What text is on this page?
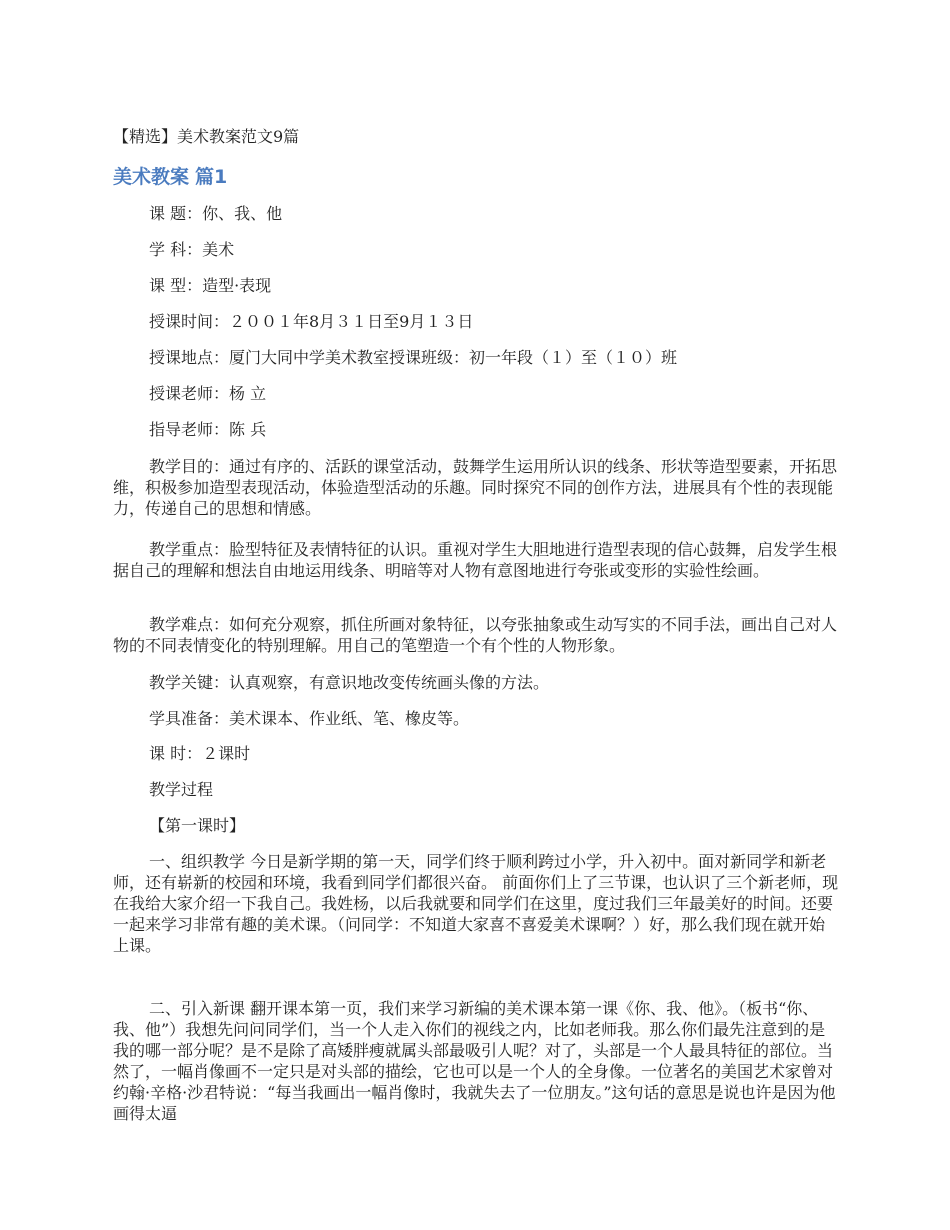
【精选】美术教案范文9篇
美术教案 篇1
课 题：你、我、他
学 科：美术
课 型：造型·表现
授课时间：２００１年8月３１日至9月１３日
授课地点：厦门大同中学美术教室授课班级：初一年段（１）至（１０）班
授课老师：杨 立
指导老师：陈 兵
教学目的：通过有序的、活跃的课堂活动，鼓舞学生运用所认识的线条、形状等造型要素，开拓思维，积极参加造型表现活动，体验造型活动的乐趣。同时探究不同的创作方法，进展具有个性的表现能力，传递自己的思想和情感。
教学重点：脸型特征及表情特征的认识。重视对学生大胆地进行造型表现的信心鼓舞，启发学生根据自己的理解和想法自由地运用线条、明暗等对人物有意图地进行夸张或变形的实验性绘画。
教学难点：如何充分观察，抓住所画对象特征，以夸张抽象或生动写实的不同手法，画出自己对人物的不同表情变化的特别理解。用自己的笔塑造一个有个性的人物形象。
教学关键：认真观察，有意识地改变传统画头像的方法。
学具准备：美术课本、作业纸、笔、橡皮等。
课 时：２课时
教学过程
【第一课时】
一、组织教学 今日是新学期的第一天，同学们终于顺利跨过小学，升入初中。面对新同学和新老师，还有崭新的校园和环境，我看到同学们都很兴奋。 前面你们上了三节课，也认识了三个新老师，现在我给大家介绍一下我自己。我姓杨，以后我就要和同学们在这里，度过我们三年最美好的时间。还要一起来学习非常有趣的美术课。（问同学：不知道大家喜不喜爱美术课啊？）好，那么我们现在就开始上课。
二、引入新课 翻开课本第一页，我们来学习新编的美术课本第一课《你、我、他》。（板书“你、我、他”）我想先问问同学们，当一个人走入你们的视线之内，比如老师我。那么你们最先注意到的是我的哪一部分呢？是不是除了高矮胖瘦就属头部最吸引人呢？对了，头部是一个人最具特征的部位。当然了，一幅肖像画不一定只是对头部的描绘，它也可以是一个人的全身像。一位著名的美国艺术家曾对约翰·辛格·沙君特说：“每当我画出一幅肖像时，我就失去了一位朋友。”这句话的意思是说也许是因为他画得太逼
